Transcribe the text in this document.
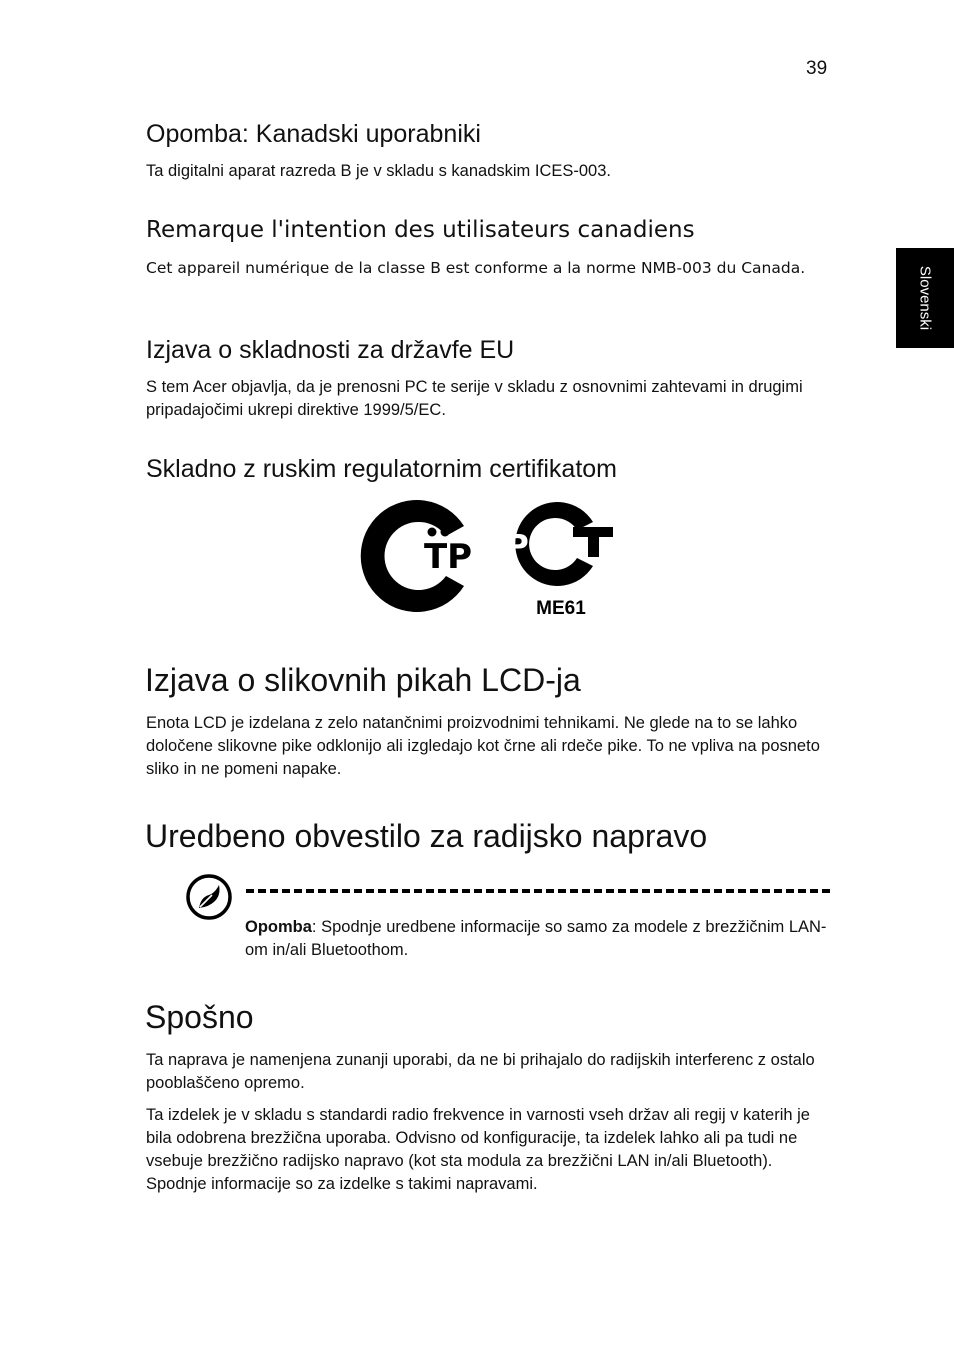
39
Slovenski
Opomba: Kanadski uporabniki
Ta digitalni aparat razreda B je v skladu s kanadskim ICES-003.
Remarque l'intention des utilisateurs canadiens
Cet appareil numérique de la classe B est conforme a la norme NMB-003 du Canada.
Izjava o skladnosti za državfe EU
S tem Acer objavlja, da je prenosni PC te serije v skladu z osnovnimi zahtevami in drugimi pripadajočimi ukrepi direktive 1999/5/EC.
Skladno z ruskim regulatornim certifikatom
ТР РСТ
ME61
Izjava o slikovnih pikah LCD-ja
Enota LCD je izdelana z zelo natančnimi proizvodnimi tehnikami. Ne glede na to se lahko določene slikovne pike odklonijo ali izgledajo kot črne ali rdeče pike. To ne vpliva na posneto sliko in ne pomeni napake.
Uredbeno obvestilo za radijsko napravo
Opomba: Spodnje uredbene informacije so samo za modele z brezžičnim LAN-om in/ali Bluetoothom.
Spošno
Ta naprava je namenjena zunanji uporabi, da ne bi prihajalo do radijskih interferenc z ostalo pooblaščeno opremo.
Ta izdelek je v skladu s standardi radio frekvence in varnosti vseh držav ali regij v katerih je bila odobrena brezžična uporaba. Odvisno od konfiguracije, ta izdelek lahko ali pa tudi ne vsebuje brezžično radijsko napravo (kot sta modula za brezžični LAN in/ali Bluetooth). Spodnje informacije so za izdelke s takimi napravami.
